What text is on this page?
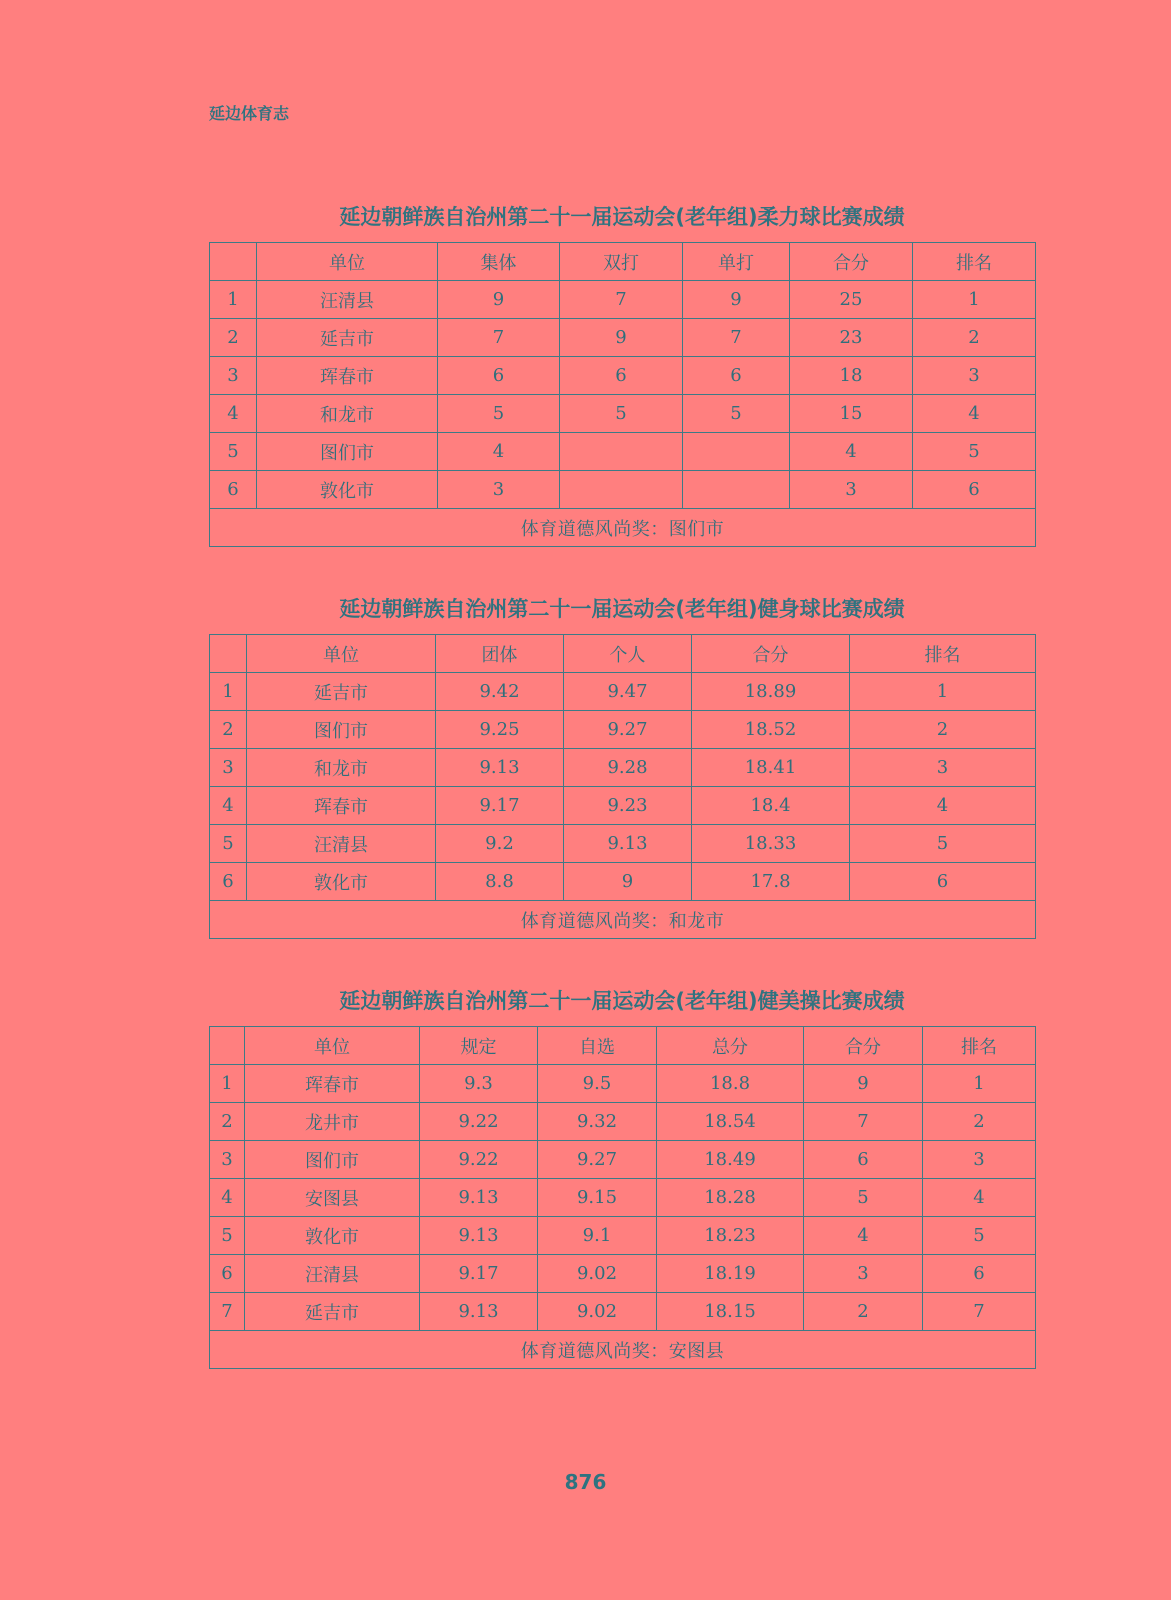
延边体育志
延边朝鲜族自治州第二十一届运动会(老年组)柔力球比赛成绩
	单位	集体	双打	单打	合分	排名
1	汪清县	9	7	9	25	1
2	延吉市	7	9	7	23	2
3	珲春市	6	6	6	18	3
4	和龙市	5	5	5	15	4
5	图们市	4			4	5
6	敦化市	3			3	6
体育道德风尚奖：图们市						
延边朝鲜族自治州第二十一届运动会(老年组)健身球比赛成绩
	单位	团体	个人	合分	排名
1	延吉市	9.42	9.47	18.89	1
2	图们市	9.25	9.27	18.52	2
3	和龙市	9.13	9.28	18.41	3
4	珲春市	9.17	9.23	18.4	4
5	汪清县	9.2	9.13	18.33	5
6	敦化市	8.8	9	17.8	6
体育道德风尚奖：和龙市					
延边朝鲜族自治州第二十一届运动会(老年组)健美操比赛成绩
	单位	规定	自选	总分	合分	排名
1	珲春市	9.3	9.5	18.8	9	1
2	龙井市	9.22	9.32	18.54	7	2
3	图们市	9.22	9.27	18.49	6	3
4	安图县	9.13	9.15	18.28	5	4
5	敦化市	9.13	9.1	18.23	4	5
6	汪清县	9.17	9.02	18.19	3	6
7	延吉市	9.13	9.02	18.15	2	7
体育道德风尚奖：安图县						
876
